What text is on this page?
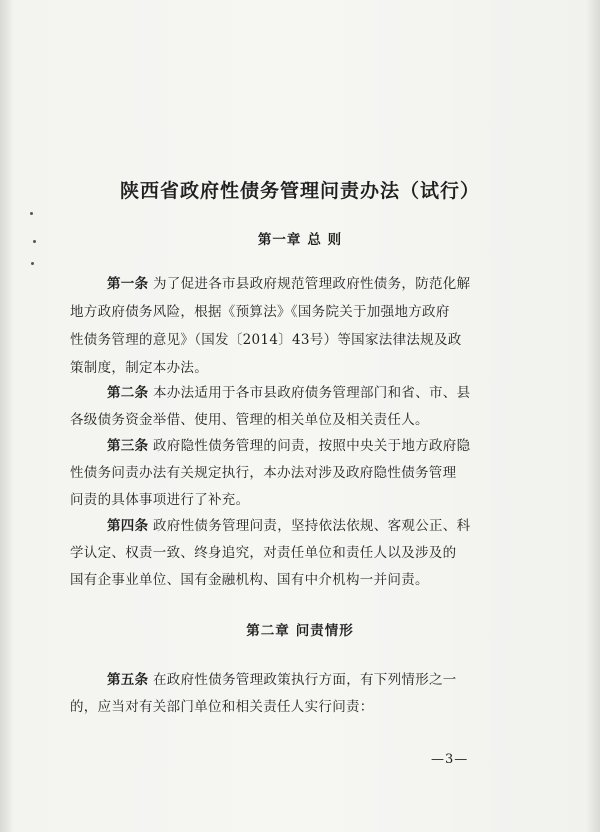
陕西省政府性债务管理问责办法（试行）
第一章 总 则
第一条 为了促进各市县政府规范管理政府性债务，防范化解
地方政府债务风险，根据《预算法》《国务院关于加强地方政府
性债务管理的意见》（国发〔2014〕43号）等国家法律法规及政
策制度，制定本办法。
第二条 本办法适用于各市县政府债务管理部门和省、市、县
各级债务资金举借、使用、管理的相关单位及相关责任人。
第三条 政府隐性债务管理的问责，按照中央关于地方政府隐
性债务问责办法有关规定执行，本办法对涉及政府隐性债务管理
问责的具体事项进行了补充。
第四条 政府性债务管理问责，坚持依法依规、客观公正、科
学认定、权责一致、终身追究，对责任单位和责任人以及涉及的
国有企事业单位、国有金融机构、国有中介机构一并问责。
第二章 问责情形
第五条 在政府性债务管理政策执行方面，有下列情形之一
的，应当对有关部门单位和相关责任人实行问责：
—3—
